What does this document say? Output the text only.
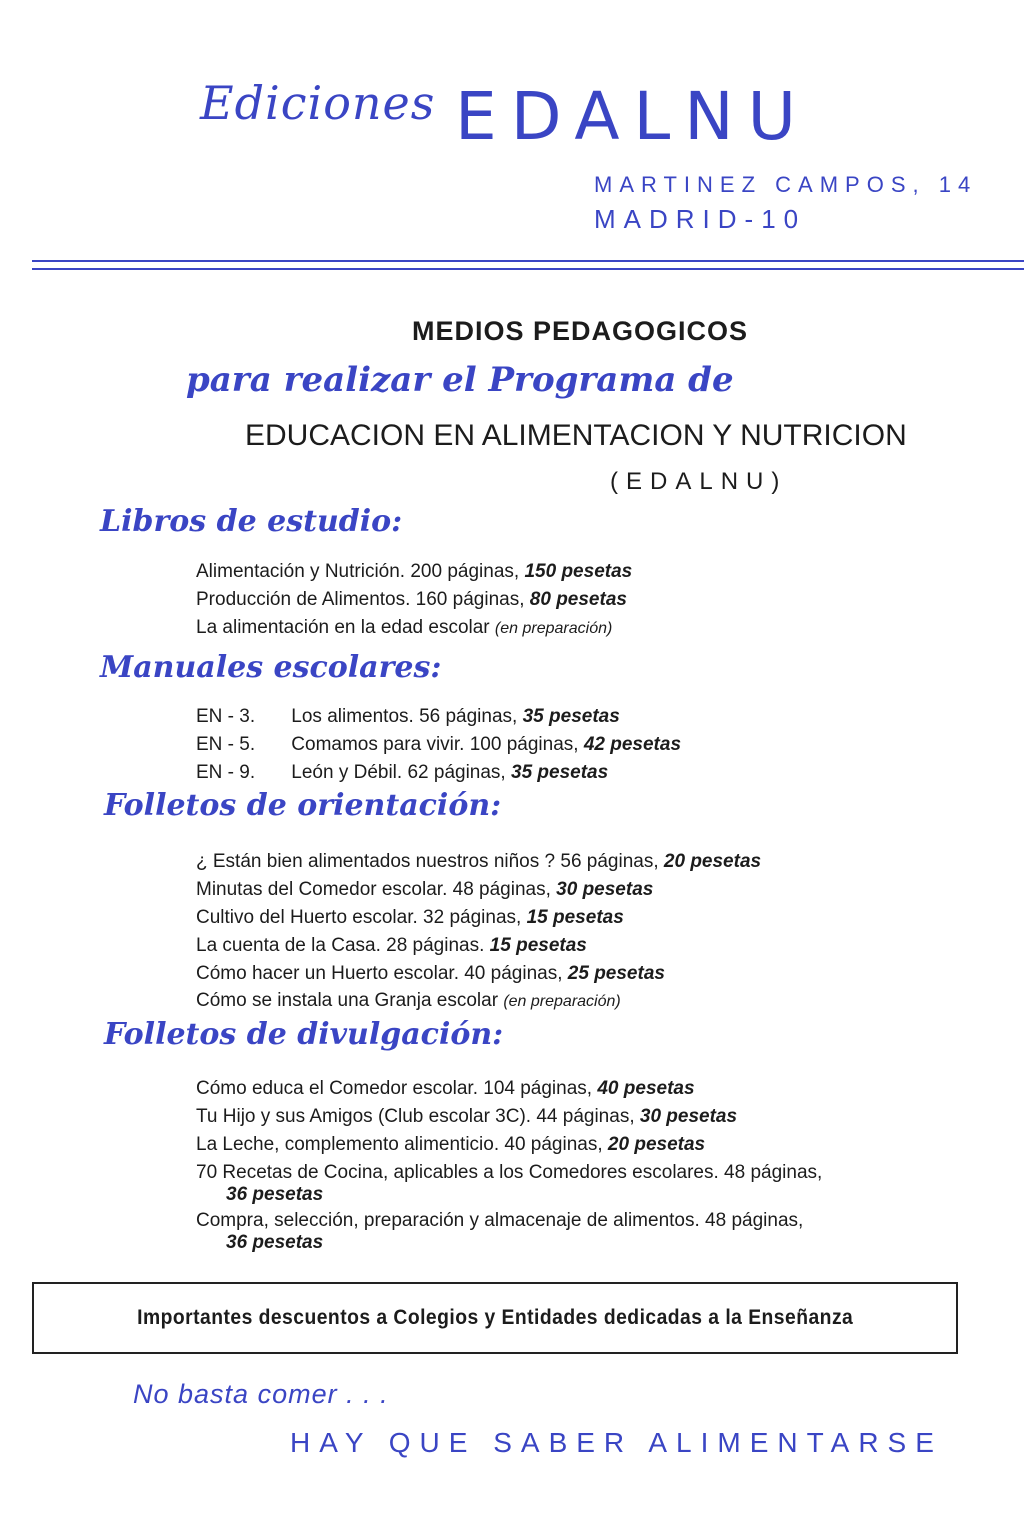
Ediciones EDALNU
MARTINEZ CAMPOS, 14
MADRID-10
MEDIOS PEDAGOGICOS
para realizar el Programa de
EDUCACION EN ALIMENTACION Y NUTRICION
(EDALNU)
Libros de estudio:
Alimentación y Nutrición. 200 páginas, 150 pesetas
Producción de Alimentos. 160 páginas, 80 pesetas
La alimentación en la edad escolar (en preparación)
Manuales escolares:
EN - 3. Los alimentos. 56 páginas, 35 pesetas
EN - 5. Comamos para vivir. 100 páginas, 42 pesetas
EN - 9. León y Débil. 62 páginas, 35 pesetas
Folletos de orientación:
¿ Están bien alimentados nuestros niños ? 56 páginas, 20 pesetas
Minutas del Comedor escolar. 48 páginas, 30 pesetas
Cultivo del Huerto escolar. 32 páginas, 15 pesetas
La cuenta de la Casa. 28 páginas. 15 pesetas
Cómo hacer un Huerto escolar. 40 páginas, 25 pesetas
Cómo se instala una Granja escolar (en preparación)
Folletos de divulgación:
Cómo educa el Comedor escolar. 104 páginas, 40 pesetas
Tu Hijo y sus Amigos (Club escolar 3C). 44 páginas, 30 pesetas
La Leche, complemento alimenticio. 40 páginas, 20 pesetas
70 Recetas de Cocina, aplicables a los Comedores escolares. 48 páginas,
36 pesetas
Compra, selección, preparación y almacenaje de alimentos. 48 páginas,
36 pesetas
Importantes descuentos a Colegios y Entidades dedicadas a la Enseñanza
No basta comer . . .
HAY QUE SABER ALIMENTARSE
